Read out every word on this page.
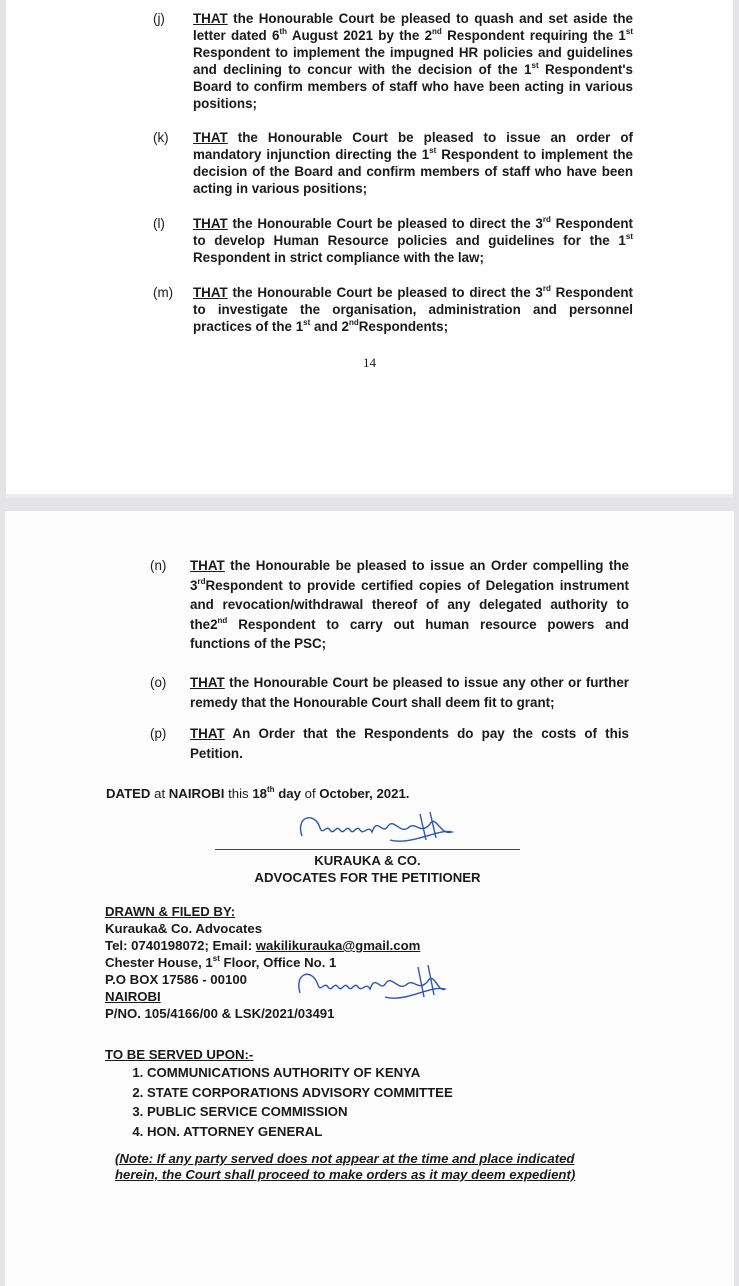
(j) THAT the Honourable Court be pleased to quash and set aside the letter dated 6th August 2021 by the 2nd Respondent requiring the 1st Respondent to implement the impugned HR policies and guidelines and declining to concur with the decision of the 1st Respondent's Board to confirm members of staff who have been acting in various positions;
(k) THAT the Honourable Court be pleased to issue an order of mandatory injunction directing the 1st Respondent to implement the decision of the Board and confirm members of staff who have been acting in various positions;
(l) THAT the Honourable Court be pleased to direct the 3rd Respondent to develop Human Resource policies and guidelines for the 1st Respondent in strict compliance with the law;
(m) THAT the Honourable Court be pleased to direct the 3rd Respondent to investigate the organisation, administration and personnel practices of the 1st and 2ndRespondents;
14
(n) THAT the Honourable be pleased to issue an Order compelling the 3rdRespondent to provide certified copies of Delegation instrument and revocation/withdrawal thereof of any delegated authority to the2nd Respondent to carry out human resource powers and functions of the PSC;
(o) THAT the Honourable Court be pleased to issue any other or further remedy that the Honourable Court shall deem fit to grant;
(p) THAT An Order that the Respondents do pay the costs of this Petition.
DATED at NAIROBI this 18th day of October, 2021.
KURAUKA & CO.
ADVOCATES FOR THE PETITIONER
DRAWN & FILED BY:
Kurauka& Co. Advocates
Tel: 0740198072; Email: wakilikurauka@gmail.com
Chester House, 1st Floor, Office No. 1
P.O BOX 17586 - 00100
NAIROBI
P/NO. 105/4166/00 & LSK/2021/03491
TO BE SERVED UPON:-
1. COMMUNICATIONS AUTHORITY OF KENYA
2. STATE CORPORATIONS ADVISORY COMMITTEE
3. PUBLIC SERVICE COMMISSION
4. HON. ATTORNEY GENERAL
(Note: If any party served does not appear at the time and place indicated herein, the Court shall proceed to make orders as it may deem expedient)
